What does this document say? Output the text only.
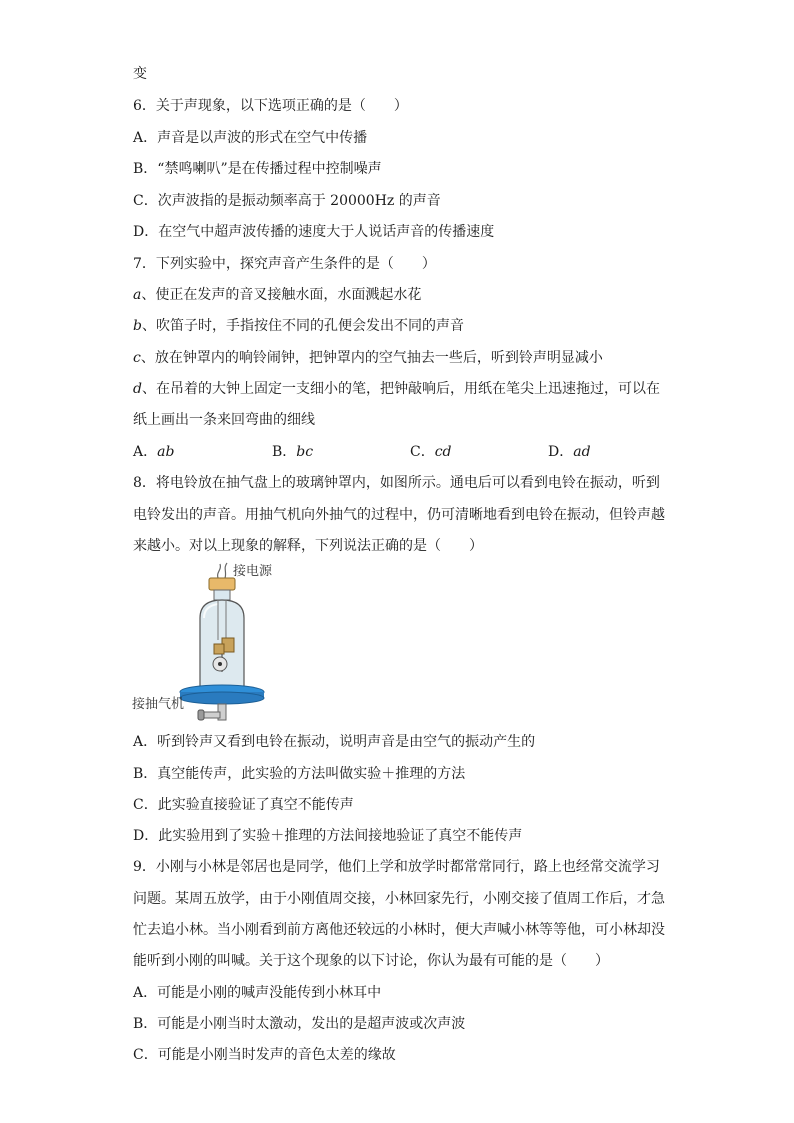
变
6．关于声现象，以下选项正确的是（　　）
A．声音是以声波的形式在空气中传播
B．“禁鸣喇叭”是在传播过程中控制噪声
C．次声波指的是振动频率高于 20000Hz 的声音
D．在空气中超声波传播的速度大于人说话声音的传播速度
7．下列实验中，探究声音产生条件的是（　　）
a、使正在发声的音叉接触水面，水面溅起水花
b、吹笛子时，手指按住不同的孔便会发出不同的声音
c、放在钟罩内的响铃闹钟，把钟罩内的空气抽去一些后，听到铃声明显减小
d、在吊着的大钟上固定一支细小的笔，把钟敲响后，用纸在笔尖上迅速拖过，可以在
纸上画出一条来回弯曲的细线
A．ab	B．bc	C．cd	D．ad
8．将电铃放在抽气盘上的玻璃钟罩内，如图所示。通电后可以看到电铃在振动，听到
电铃发出的声音。用抽气机向外抽气的过程中，仍可清晰地看到电铃在振动，但铃声越
来越小。对以上现象的解释，下列说法正确的是（　　）
接电源
接抽气机
A．听到铃声又看到电铃在振动，说明声音是由空气的振动产生的
B．真空能传声，此实验的方法叫做实验＋推理的方法
C．此实验直接验证了真空不能传声
D．此实验用到了实验＋推理的方法间接地验证了真空不能传声
9．小刚与小林是邻居也是同学，他们上学和放学时都常常同行，路上也经常交流学习
问题。某周五放学，由于小刚值周交接，小林回家先行，小刚交接了值周工作后，才急
忙去追小林。当小刚看到前方离他还较远的小林时，便大声喊小林等等他，可小林却没
能听到小刚的叫喊。关于这个现象的以下讨论，你认为最有可能的是（　　）
A．可能是小刚的喊声没能传到小林耳中
B．可能是小刚当时太激动，发出的是超声波或次声波
C．可能是小刚当时发声的音色太差的缘故
